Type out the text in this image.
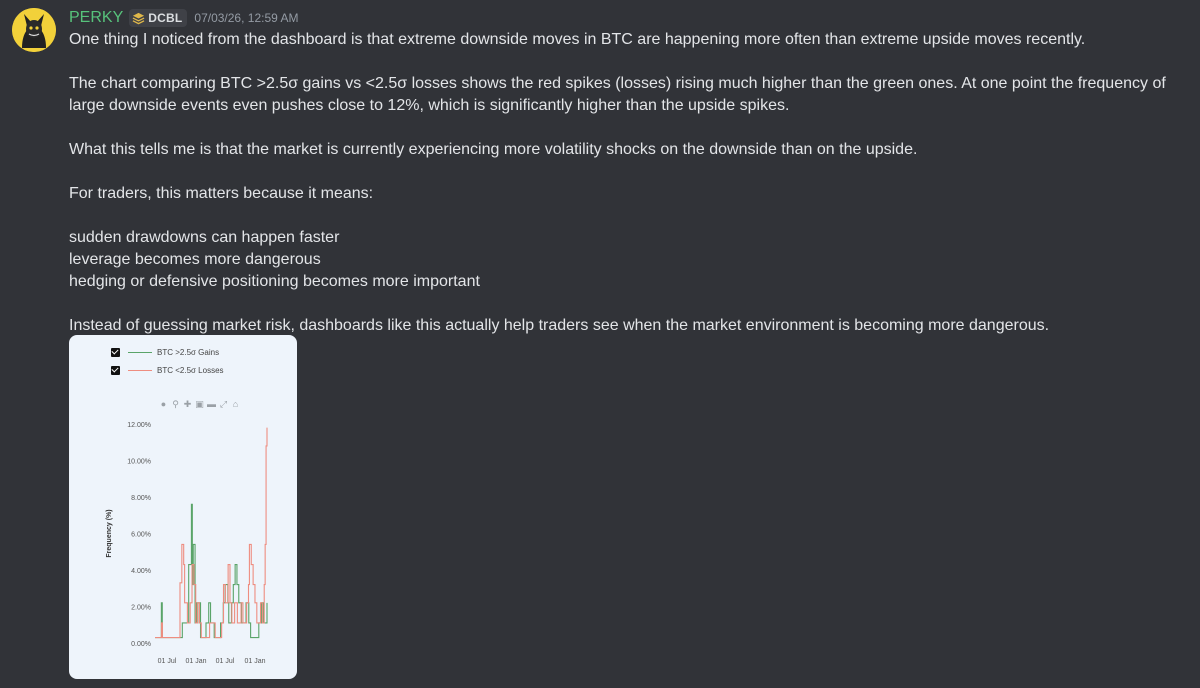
PERKY DCBL 07/03/26, 12:59 AM

One thing I noticed from the dashboard is that extreme downside moves in BTC are happening more often than extreme upside moves recently.

The chart comparing BTC >2.5σ gains vs <2.5σ losses shows the red spikes (losses) rising much higher than the green ones. At one point the frequency of large downside events even pushes close to 12%, which is significantly higher than the upside spikes.

What this tells me is that the market is currently experiencing more volatility shocks on the downside than on the upside.

For traders, this matters because it means:

sudden drawdowns can happen faster

leverage becomes more dangerous

hedging or defensive positioning becomes more important

Instead of guessing market risk, dashboards like this actually help traders see when the market environment is becoming more dangerous.

BTC >2.5σ Gains
BTC <2.5σ Losses
● ⚲ ✚ ▣ ▬ ⤢ ⌂
0.00%
2.00%
4.00%
6.00%
8.00%
10.00%
12.00%
Frequency (%)
01 Jul 01 Jan 01 Jul 01 Jan
